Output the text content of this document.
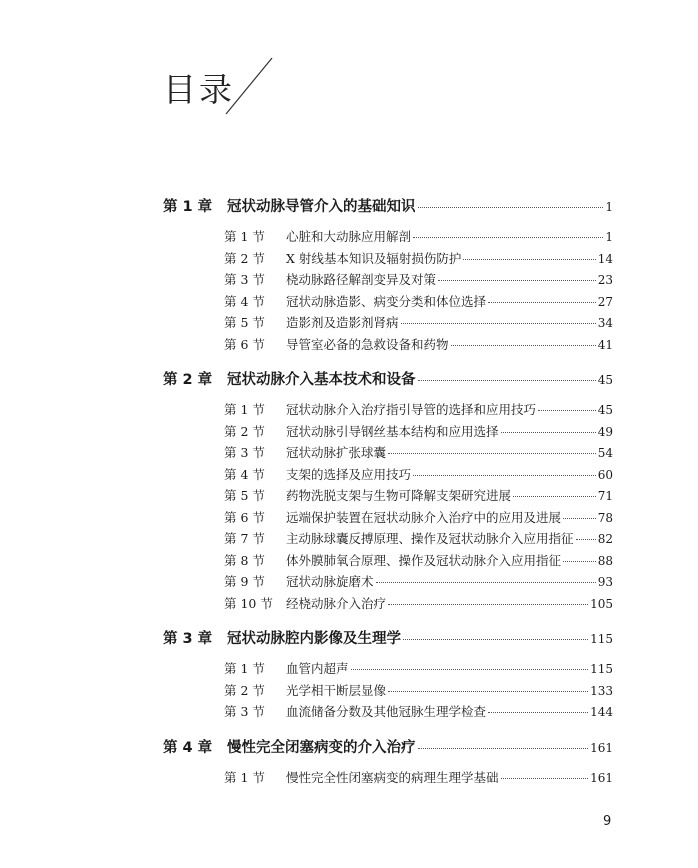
目录
第 1 章	冠状动脉导管介入的基础知识	1
第 1 节	心脏和大动脉应用解剖	1
第 2 节	X 射线基本知识及辐射损伤防护	14
第 3 节	桡动脉路径解剖变异及对策	23
第 4 节	冠状动脉造影、病变分类和体位选择	27
第 5 节	造影剂及造影剂肾病	34
第 6 节	导管室必备的急救设备和药物	41
第 2 章	冠状动脉介入基本技术和设备	45
第 1 节	冠状动脉介入治疗指引导管的选择和应用技巧	45
第 2 节	冠状动脉引导钢丝基本结构和应用选择	49
第 3 节	冠状动脉扩张球囊	54
第 4 节	支架的选择及应用技巧	60
第 5 节	药物洗脱支架与生物可降解支架研究进展	71
第 6 节	远端保护装置在冠状动脉介入治疗中的应用及进展	78
第 7 节	主动脉球囊反搏原理、操作及冠状动脉介入应用指征 82
第 8 节	体外膜肺氧合原理、操作及冠状动脉介入应用指征	88
第 9 节	冠状动脉旋磨术	93
第 10 节	经桡动脉介入治疗	105
第 3 章	冠状动脉腔内影像及生理学	115
第 1 节	血管内超声	115
第 2 节	光学相干断层显像	133
第 3 节	血流储备分数及其他冠脉生理学检查	144
第 4 章	慢性完全闭塞病变的介入治疗	161
第 1 节	慢性完全性闭塞病变的病理生理学基础	161
9
